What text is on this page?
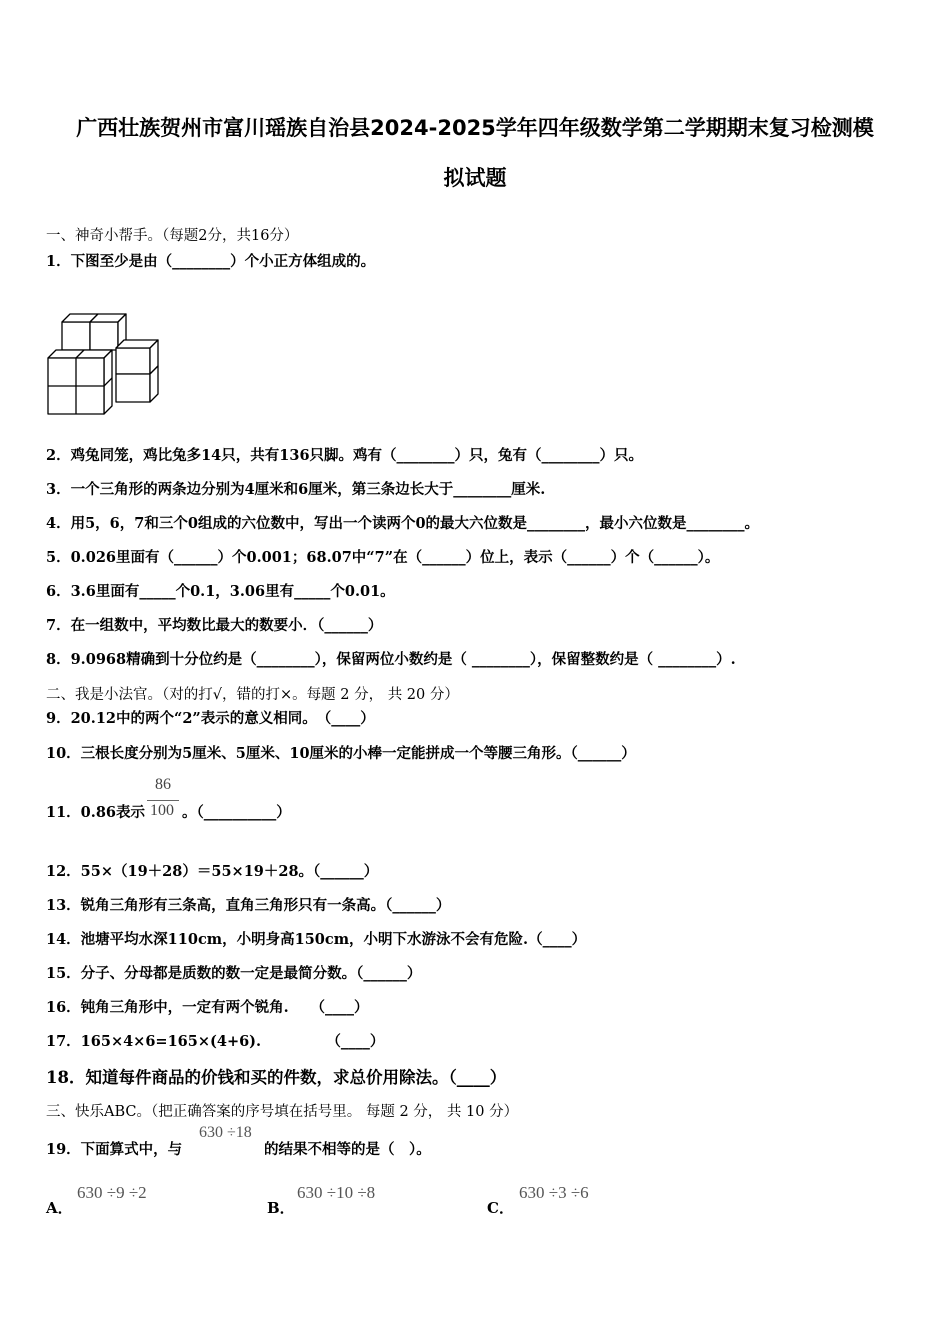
广西壮族贺州市富川瑶族自治县2024-2025学年四年级数学第二学期期末复习检测模
拟试题
一、神奇小帮手。（每题2分，共16分）
1．下图至少是由（________）个小正方体组成的。
2．鸡兔同笼，鸡比兔多14只，共有136只脚。鸡有（________）只，兔有（________）只。
3．一个三角形的两条边分别为4厘米和6厘米，第三条边长大于________厘米.
4．用5，6，7和三个0组成的六位数中，写出一个读两个0的最大六位数是________，最小六位数是________。
5．0.026里面有（______）个0.001；68.07中“7”在（______）位上，表示（______）个（______）。
6．3.6里面有_____个0.1，3.06里有_____个0.01。
7．在一组数中，平均数比最大的数要小．（______）
8．9.0968精确到十分位约是（________），保留两位小数约是（ ________），保留整数约是（ ________）.
二、我是小法官。（对的打√，错的打×。每题 2 分， 共 20 分）
9．20.12中的两个“2”表示的意义相同。　（____）
10．三根长度分别为5厘米、5厘米、10厘米的小棒一定能拼成一个等腰三角形。（______）
11．0.86表示
86
100 。（__________）
12．55×（19＋28）＝55×19＋28。（______）
13．锐角三角形有三条高，直角三角形只有一条高。（______）
14．池塘平均水深110cm，小明身高150cm，小明下水游泳不会有危险.（____）
15．分子、分母都是质数的数一定是最简分数。（______）
16．钝角三角形中，一定有两个锐角.　　（____）
17．165×4×6=165×(4+6).　　　　　（____）
18．知道每件商品的价钱和买的件数，求总价用除法。（____）
三、快乐ABC。（把正确答案的序号填在括号里。 每题 2 分， 共 10 分）
19．下面算式中，与
630 ÷18
的结果不相等的是（　）。
A．
630 ÷9 ÷2
B．
630 ÷10 ÷8
C．
630 ÷3 ÷6
